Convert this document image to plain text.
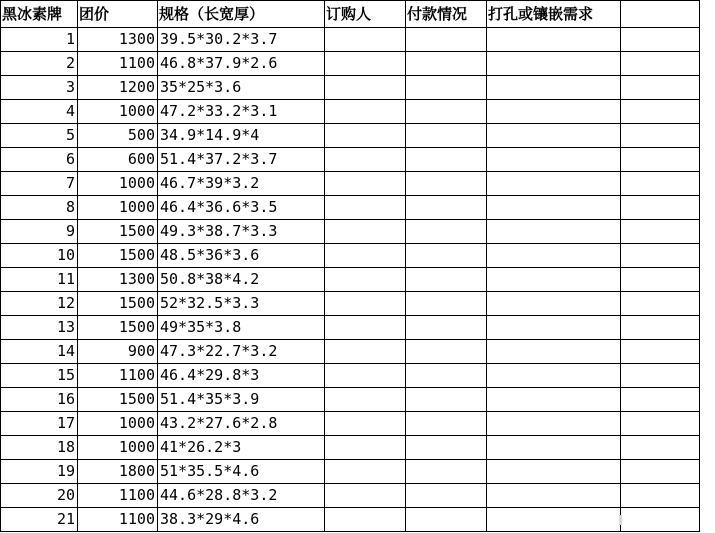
黑冰素牌	团价	规格（长宽厚）	订购人	付款情况	打孔或镶嵌需求	
1	1300	39.5*30.2*3.7				
2	1100	46.8*37.9*2.6				
3	1200	35*25*3.6				
4	1000	47.2*33.2*3.1				
5	500	34.9*14.9*4				
6	600	51.4*37.2*3.7				
7	1000	46.7*39*3.2				
8	1000	46.4*36.6*3.5				
9	1500	49.3*38.7*3.3				
10	1500	48.5*36*3.6				
11	1300	50.8*38*4.2				
12	1500	52*32.5*3.3				
13	1500	49*35*3.8				
14	900	47.3*22.7*3.2				
15	1100	46.4*29.8*3				
16	1500	51.4*35*3.9				
17	1000	43.2*27.6*2.8				
18	1000	41*26.2*3				
19	1800	51*35.5*4.6				
20	1100	44.6*28.8*3.2				
21	1100	38.3*29*4.6				
